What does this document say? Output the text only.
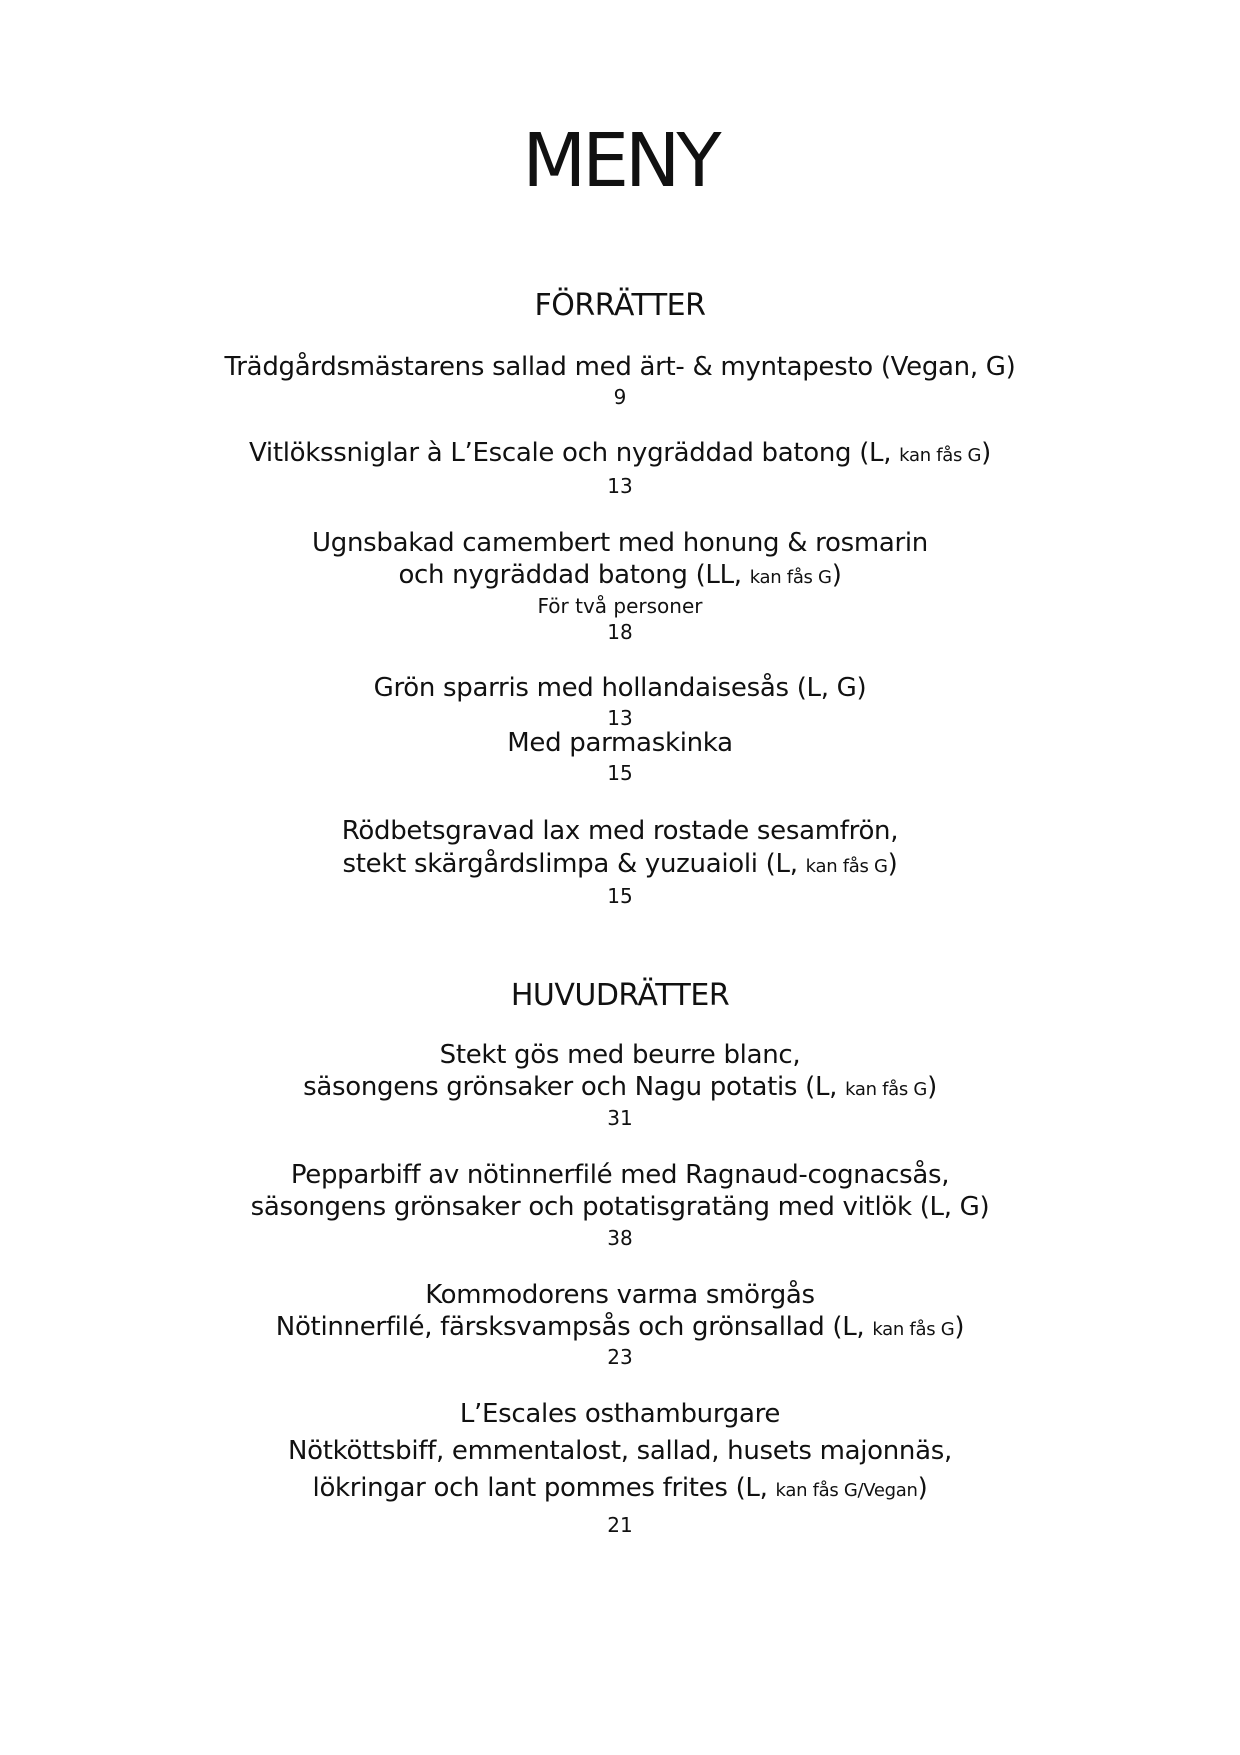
MENY
FÖRRÄTTER
Trädgårdsmästarens sallad med ärt- & myntapesto (Vegan, G)
9
Vitlökssniglar à L’Escale och nygräddad batong (L, kan fås G)
13
Ugnsbakad camembert med honung & rosmarin
och nygräddad batong (LL, kan fås G)
För två personer
18
Grön sparris med hollandaisesås (L, G)
13
Med parmaskinka
15
Rödbetsgravad lax med rostade sesamfrön,
stekt skärgårdslimpa & yuzuaioli (L, kan fås G)
15
HUVUDRÄTTER
Stekt gös med beurre blanc,
säsongens grönsaker och Nagu potatis (L, kan fås G)
31
Pepparbiff av nötinnerfilé med Ragnaud-cognacsås,
säsongens grönsaker och potatisgratäng med vitlök (L, G)
38
Kommodorens varma smörgås
Nötinnerfilé, färsksvampsås och grönsallad (L, kan fås G)
23
L’Escales osthamburgare
Nötköttsbiff, emmentalost, sallad, husets majonnäs,
lökringar och lant pommes frites (L, kan fås G/Vegan)
21
